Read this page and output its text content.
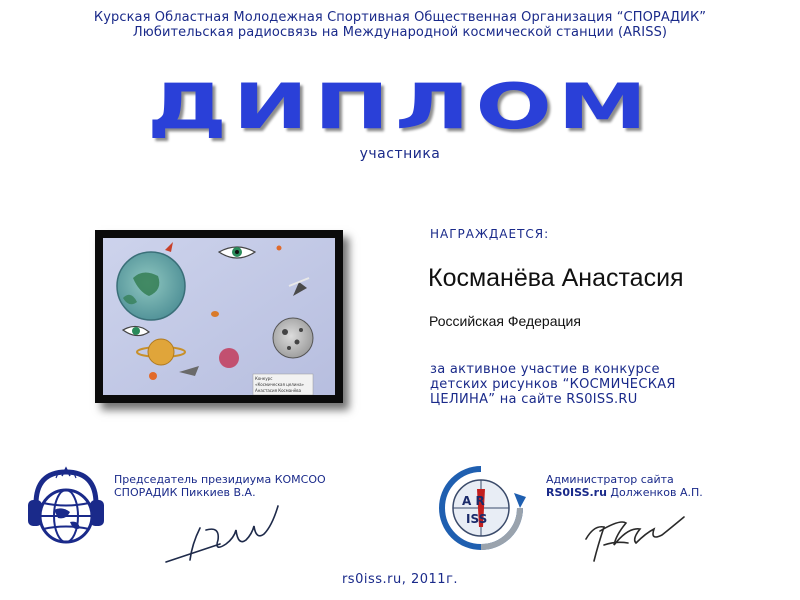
Курская Областная Молодежная Спортивная Общественная Организация “СПОРАДИК”
Любительская радиосвязь на Международной космической станции (ARISS)
ДИПЛОМ
участника
Конкурс
«Космическая целина»
Анастасия Косманёва
НАГРАЖДАЕТСЯ:
Косманёва Анастасия
Российская Федерация
за активное участие в конкурсе
детских рисунков “КОСМИЧЕСКАЯ
ЦЕЛИНА” на сайте RS0ISS.RU
Председатель президиума КОМСОО
СПОРАДИК Пиккиев В.А.
A R
ISS
Администратор сайта
RS0ISS.ru Долженков А.П.
rs0iss.ru, 2011г.
